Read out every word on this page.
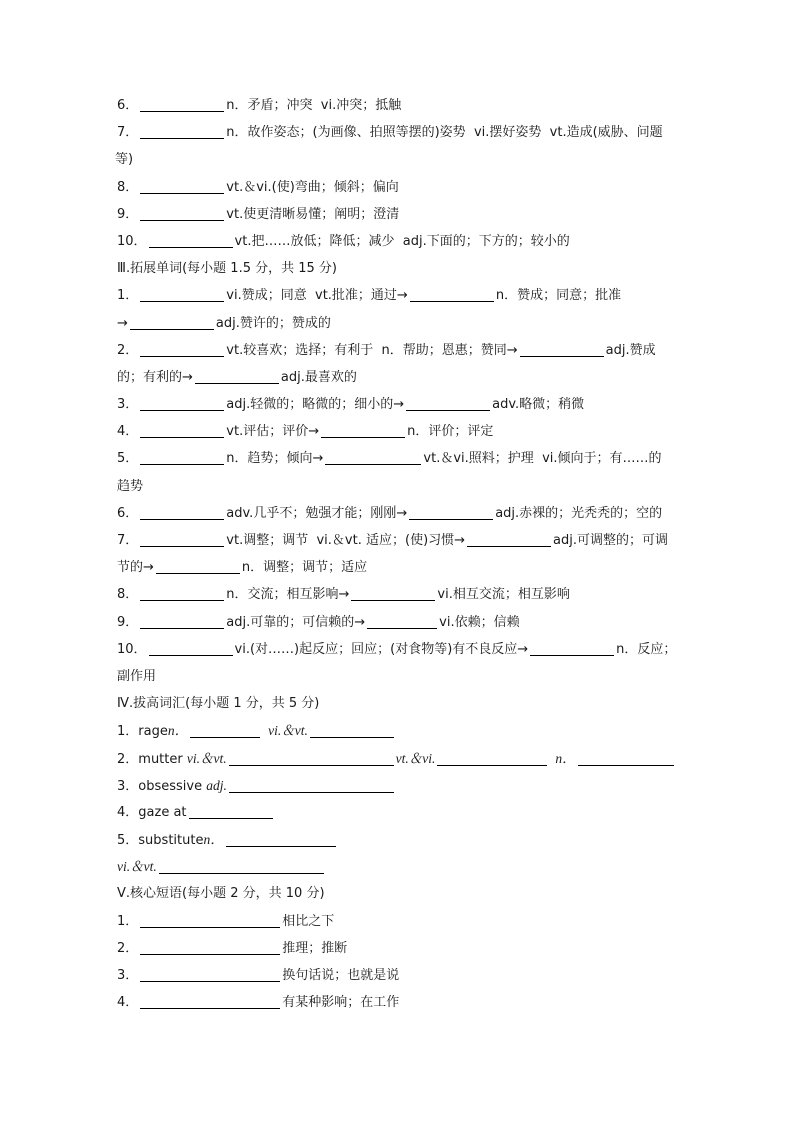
6．	n．矛盾；冲突 vi.冲突；抵触
7．	n．故作姿态；(为画像、拍照等摆的)姿势 vi.摆好姿势 vt.造成(威胁、问题
等)
8．	vt.＆vi.(使)弯曲；倾斜；偏向
9．	vt.使更清晰易懂；阐明；澄清
10．	vt.把……放低；降低；减少 adj.下面的；下方的；较小的
Ⅲ.拓展单词(每小题 1.5 分，共 15 分)
1．	vi.赞成；同意 vt.批准；通过→	n．赞成；同意；批准
→	adj.赞许的；赞成的
2．	vt.较喜欢；选择；有利于 n．帮助；恩惠；赞同→	adj.赞成
的；有利的→	adj.最喜欢的
3．	adj.轻微的；略微的；细小的→	adv.略微；稍微
4．	vt.评估；评价→	n．评价；评定
5．	n．趋势；倾向→	vt.＆vi.照料；护理 vi.倾向于；有……的
趋势
6．	adv.几乎不；勉强才能；刚刚→	adj.赤裸的；光秃秃的；空的
7．	vt.调整；调节 vi.＆vt. 适应；(使)习惯→	adj.可调整的；可调
节的→	n．调整；调节；适应
8．	n．交流；相互影响→	vi.相互交流；相互影响
9．	adj.可靠的；可信赖的→	vi.依赖；信赖
10．	vi.(对……)起反应；回应；(对食物等)有不良反应→	n．反应；
副作用
Ⅳ.拔高词汇(每小题 1 分，共 5 分)
1．ragen．	vi.＆vt.
2．mutter vi.＆vt.	vt.＆vi.	n．
3．obsessive adj.
4．gaze at
5．substituten．
vi.＆vt.
Ⅴ.核心短语(每小题 2 分，共 10 分)
1．	相比之下
2．	推理；推断
3．	换句话说；也就是说
4．	有某种影响；在工作
